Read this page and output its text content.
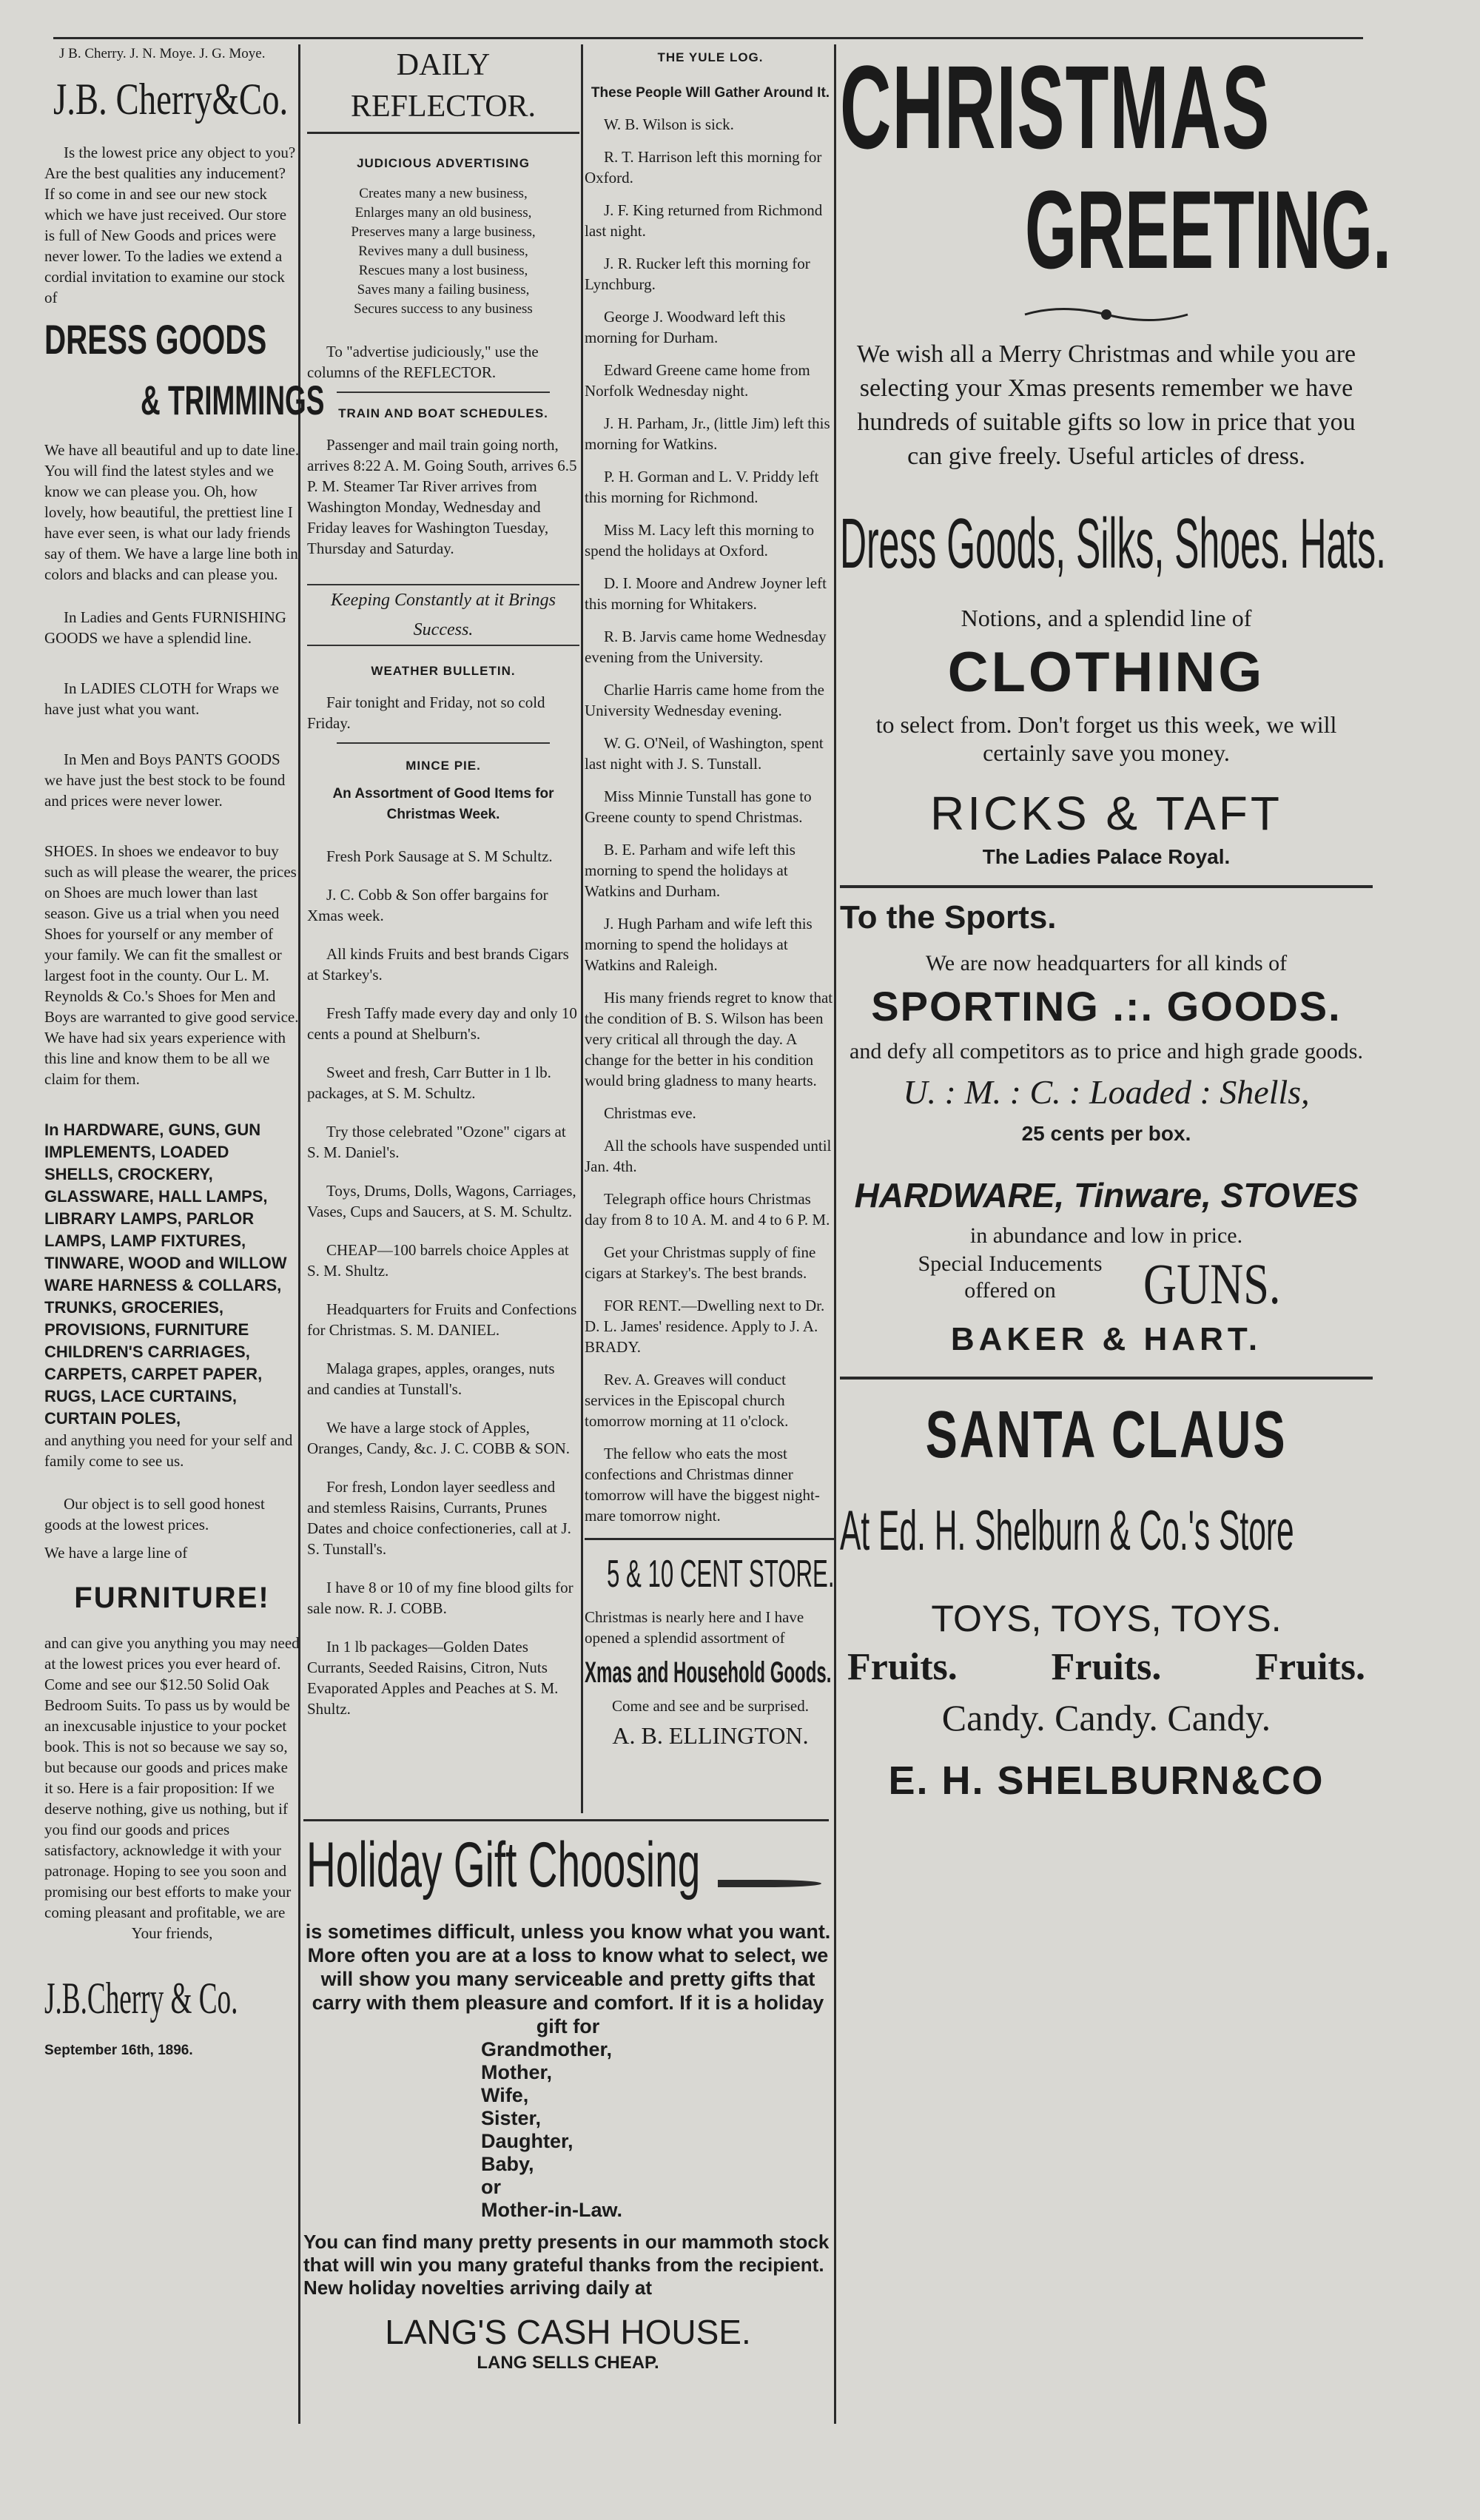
J B. Cherry. J. N. Moye. J. G. Moye.
J.B. Cherry&Co.

Is the lowest price any object to you? Are the best qualities any inducement? If so come in and see our new stock which we have just received. Our store is full of New Goods and prices were never lower. To the ladies we extend a cordial invitation to examine our stock of

DRESS GOODS
& TRIMMINGS

We have all beautiful and up to date line. You will find the latest styles and we know we can please you. Oh, how lovely, how beautiful, the prettiest line I have ever seen, is what our lady friends say of them. We have a large line both in colors and blacks and can please you.

In Ladies and Gents FURNISHING GOODS we have a splendid line.

In LADIES CLOTH for Wraps we have just what you want.

In Men and Boys PANTS GOODS we have just the best stock to be found and prices were never lower.

SHOES. In shoes we endeavor to buy such as will please the wearer, the prices on Shoes are much lower than last season. Give us a trial when you need Shoes for yourself or any member of your family. We can fit the smallest or largest foot in the county. Our L. M. Reynolds & Co.'s Shoes for Men and Boys are warranted to give good service. We have had six years experience with this line and know them to be all we claim for them.

In HARDWARE, GUNS, GUN IMPLEMENTS, LOADED SHELLS, CROCKERY, GLASSWARE, HALL LAMPS, LIBRARY LAMPS, PARLOR LAMPS, LAMP FIXTURES, TINWARE, WOOD and WILLOW WARE HARNESS & COLLARS, TRUNKS, GROCERIES, PROVISIONS, FURNITURE CHILDREN'S CARRIAGES, CARPETS, CARPET PAPER, RUGS, LACE CURTAINS, CURTAIN POLES,

and anything you need for your self and family come to see us.

Our object is to sell good honest goods at the lowest prices.

We have a large line of

FURNITURE!

and can give you anything you may need at the lowest prices you ever heard of. Come and see our $12.50 Solid Oak Bedroom Suits. To pass us by would be an inexcusable injustice to your pocket book. This is not so because we say so, but because our goods and prices make it so. Here is a fair proposition: If we deserve nothing, give us nothing, but if you find our goods and prices satisfactory, acknowledge it with your patronage. Hoping to see you soon and promising our best efforts to make your coming pleasant and profitable, we are

Your friends,

J.B.Cherry & Co.
September 16th, 1896.
DAILY REFLECTOR.
JUDICIOUS ADVERTISING

Creates many a new business,

Enlarges many an old business,

Preserves many a large business,

Revives many a dull business,

Rescues many a lost business,

Saves many a failing business,

Secures success to any business

To "advertise judiciously," use the columns of the REFLECTOR.

TRAIN AND BOAT SCHEDULES.

Passenger and mail train going north, arrives 8:22 A. M. Going South, arrives 6.5 P. M. Steamer Tar River arrives from Washington Monday, Wednesday and Friday leaves for Washington Tuesday, Thursday and Saturday.

Keeping Constantly at it Brings Success.
WEATHER BULLETIN.

Fair tonight and Friday, not so cold Friday.

MINCE PIE.

An Assortment of Good Items for Christmas Week.

Fresh Pork Sausage at S. M Schultz.

J. C. Cobb & Son offer bargains for Xmas week.

All kinds Fruits and best brands Cigars at Starkey's.

Fresh Taffy made every day and only 10 cents a pound at Shelburn's.

Sweet and fresh, Carr Butter in 1 lb. packages, at S. M. Schultz.

Try those celebrated "Ozone" cigars at S. M. Daniel's.

Toys, Drums, Dolls, Wagons, Carriages, Vases, Cups and Saucers, at S. M. Schultz.

CHEAP—100 barrels choice Apples at S. M. Shultz.

Headquarters for Fruits and Confections for Christmas. S. M. DANIEL.

Malaga grapes, apples, oranges, nuts and candies at Tunstall's.

We have a large stock of Apples, Oranges, Candy, &c. J. C. COBB & SON.

For fresh, London layer seedless and and stemless Raisins, Currants, Prunes Dates and choice confectioneries, call at J. S. Tunstall's.

I have 8 or 10 of my fine blood gilts for sale now. R. J. COBB.

In 1 lb packages—Golden Dates Currants, Seeded Raisins, Citron, Nuts Evaporated Apples and Peaches at S. M. Shultz.

THE YULE LOG.

These People Will Gather Around It.

W. B. Wilson is sick.

R. T. Harrison left this morning for Oxford.

J. F. King returned from Richmond last night.

J. R. Rucker left this morning for Lynchburg.

George J. Woodward left this morning for Durham.

Edward Greene came home from Norfolk Wednesday night.

J. H. Parham, Jr., (little Jim) left this morning for Watkins.

P. H. Gorman and L. V. Priddy left this morning for Richmond.

Miss M. Lacy left this morning to spend the holidays at Oxford.

D. I. Moore and Andrew Joyner left this morning for Whitakers.

R. B. Jarvis came home Wednesday evening from the University.

Charlie Harris came home from the University Wednesday evening.

W. G. O'Neil, of Washington, spent last night with J. S. Tunstall.

Miss Minnie Tunstall has gone to Greene county to spend Christmas.

B. E. Parham and wife left this morning to spend the holidays at Watkins and Durham.

J. Hugh Parham and wife left this morning to spend the holidays at Watkins and Raleigh.

His many friends regret to know that the condition of B. S. Wilson has been very critical all through the day. A change for the better in his condition would bring gladness to many hearts.

Christmas eve.

All the schools have suspended until Jan. 4th.

Telegraph office hours Christmas day from 8 to 10 A. M. and 4 to 6 P. M.

Get your Christmas supply of fine cigars at Starkey's. The best brands.

FOR RENT.—Dwelling next to Dr. D. L. James' residence. Apply to J. A. BRADY.

Rev. A. Greaves will conduct services in the Episcopal church tomorrow morning at 11 o'clock.

The fellow who eats the most confections and Christmas dinner tomorrow will have the biggest night-mare tomorrow night.

5 & 10 CENT STORE.

Christmas is nearly here and I have opened a splendid assortment of

Xmas and Household Goods.

Come and see and be surprised.

A. B. ELLINGTON.
Holiday Gift Choosing

is sometimes difficult, unless you know what you want. More often you are at a loss to know what to select, we will show you many serviceable and pretty gifts that carry with them pleasure and comfort. If it is a holiday gift for

Grandmother,

Mother,

Wife,

Sister,

Daughter,

Baby,

or

Mother-in-Law.

You can find many pretty presents in our mammoth stock that will win you many grateful thanks from the recipient. New holiday novelties arriving daily at

LANG'S CASH HOUSE.
LANG SELLS CHEAP.
CHRISTMAS
GREETING.

We wish all a Merry Christmas and while you are selecting your Xmas presents remember we have hundreds of suitable gifts so low in price that you can give freely. Useful articles of dress.

Dress Goods, Silks, Shoes. Hats.

Notions, and a splendid line of

CLOTHING

to select from. Don't forget us this week, we will certainly save you money.

RICKS & TAFT
The Ladies Palace Royal.
To the Sports.

We are now headquarters for all kinds of

SPORTING .:. GOODS.

and defy all competitors as to price and high grade goods.

U. : M. : C. : Loaded : Shells,
25 cents per box.
HARDWARE, Tinware, STOVES
in abundance and low in price.
Special Inducements offered on	GUNS.
BAKER & HART.
SANTA CLAUS
At Ed. H. Shelburn & Co.'s Store
TOYS, TOYS, TOYS.
Fruits. Fruits. Fruits.
Candy. Candy. Candy.
E. H. SHELBURN&CO
